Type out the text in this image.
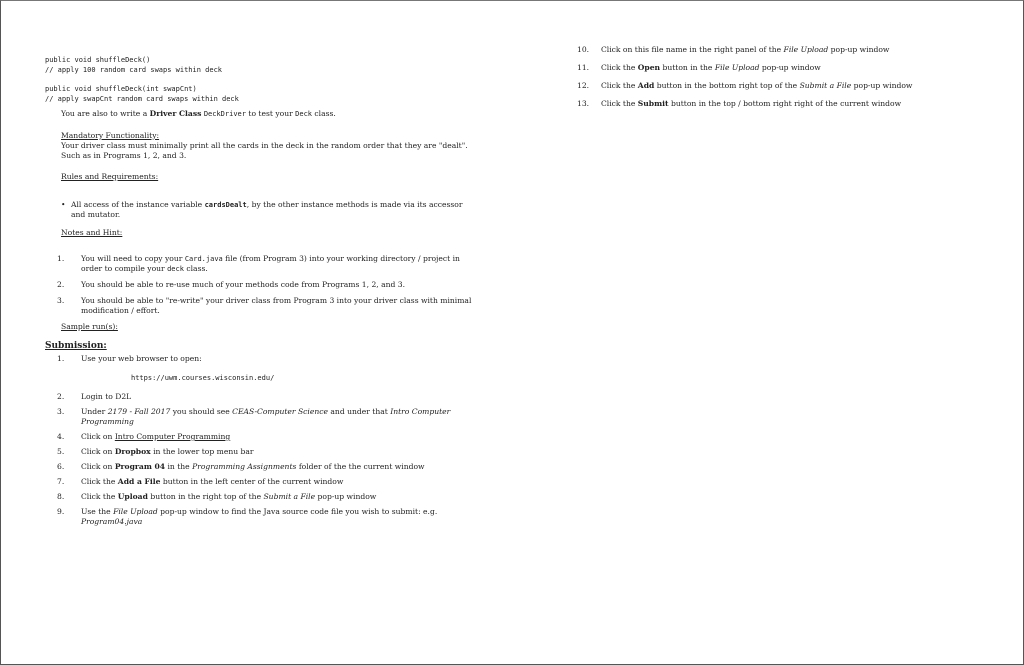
public void shuffleDeck()
// apply 100 random card swaps within deck
public void shuffleDeck(int swapCnt)
// apply swapCnt random card swaps within deck
You are also to write a Driver Class DeckDriver to test your Deck class.
Mandatory Functionality:
Your driver class must minimally print all the cards in the deck in the random order that they are "dealt". Such as in Programs 1, 2, and 3.
Rules and Requirements:
• All access of the instance variable cardsDealt, by the other instance methods is made via its accessor and mutator.
Notes and Hint:
1.	You will need to copy your Card.java file (from Program 3) into your working directory / project in order to compile your deck class.
2.	You should be able to re-use much of your methods code from Programs 1, 2, and 3.
3.	You should be able to "re-write" your driver class from Program 3 into your driver class with minimal modification / effort.
Sample run(s):
Submission:
1.	Use your web browser to open:
https://uwm.courses.wisconsin.edu/
2.	Login to D2L
3.	Under 2179 - Fall 2017 you should see CEAS-Computer Science and under that Intro Computer Programming
4.	Click on Intro Computer Programming
5.	Click on Dropbox in the lower top menu bar
6.	Click on Program 04 in the Programming Assignments folder of the the current window
7.	Click the Add a File button in the left center of the current window
8.	Click the Upload button in the right top of the Submit a File pop-up window
9.	Use the File Upload pop-up window to find the Java source code file you wish to submit: e.g. Program04.java
10.	Click on this file name in the right panel of the File Upload pop-up window
11.	Click the Open button in the File Upload pop-up window
12.	Click the Add button in the bottom right top of the Submit a File pop-up window
13.	Click the Submit button in the top / bottom right right of the current window
